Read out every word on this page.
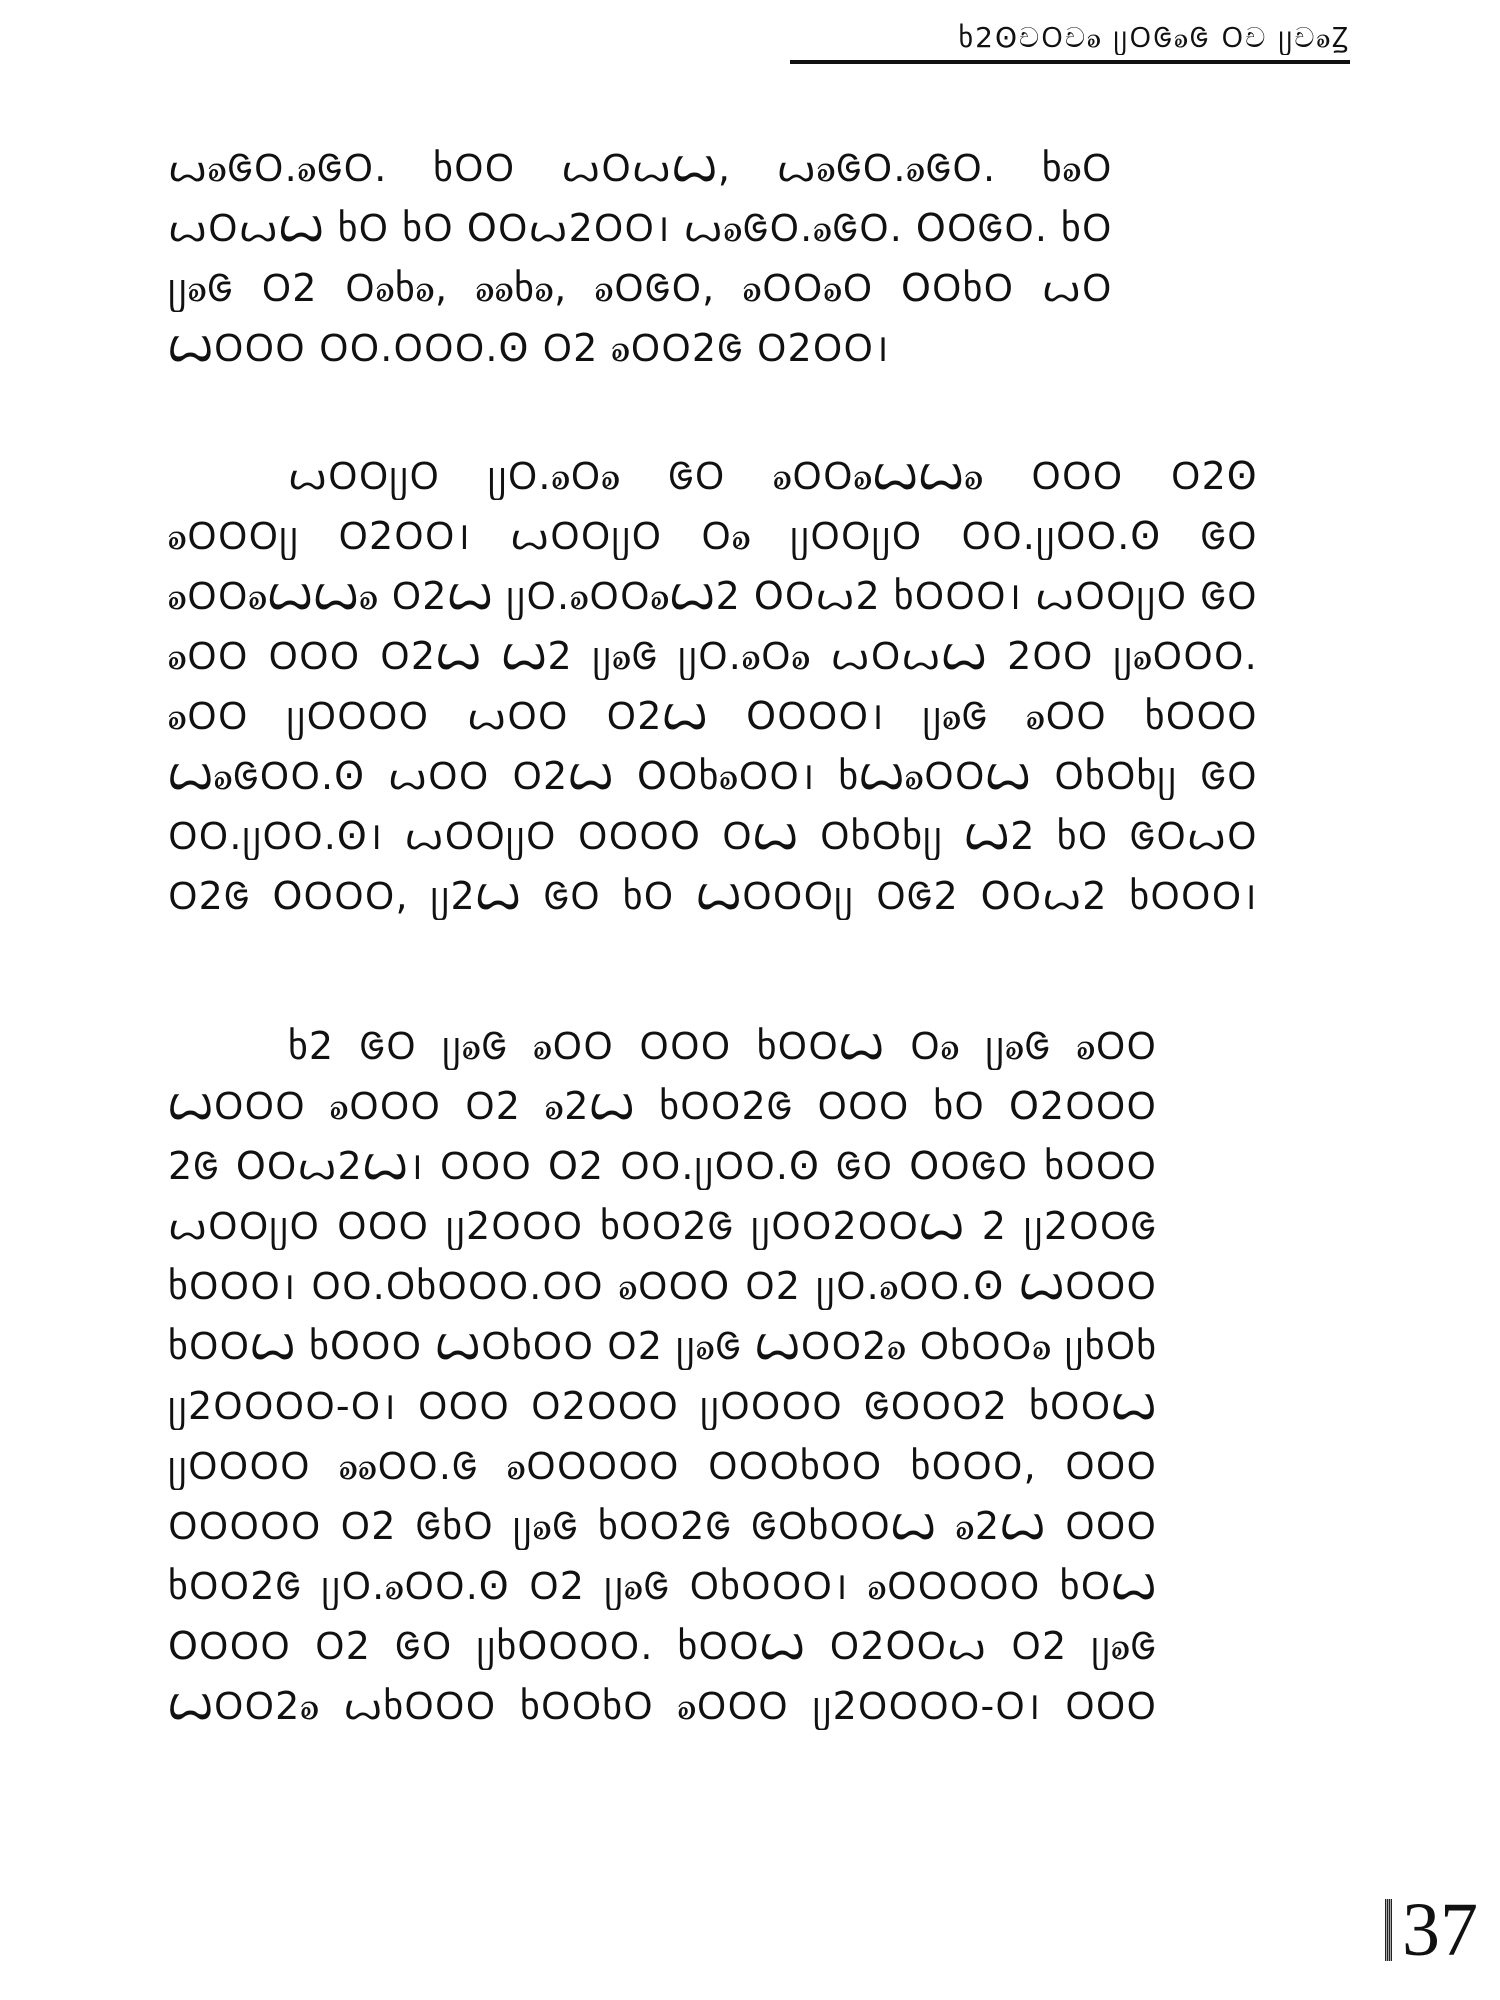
ხ2Ꙩචᱛචꭷ ᥩᱛᱜꭷᱜ ᱛච ᥩචꭷꙀ
ꙍꭷᱜᱛ.ꭷᱜᱛ. ხᱛᱛ ꙍᱛꙍꙌ, ꙍꭷᱜᱛ.ꭷᱜᱛ. ხꭷᱛ
ꙍᱛꙍꙌ ხᱛ ხᱛ Oᱛꙍ2ᱛᱛ। ꙍꭷᱜᱛ.ꭷᱜᱛ. Oᱛᱜᱛ. ხᱛ
ᥩꭷᱜ ᱛ2 ᱛꭷხꭷ, ꭷꭷხꭷ, ꭷᱛᱜᱛ, ꭷᱛᱛꭷᱛ Oᱛხᱛ ꙍᱛ
Ꙍᱛᱛᱛ ᱛᱛ.ᱛᱛᱛ.Ꙩ ᱛ2 ꭷᱛᱛ2ᱜ ᱛ2ᱛᱛ।
ꙍᱛᱛᥩᱛ ᥩᱛ.ꭷᱛꭷ ᱜᱛ ꭷᱛᱛꭷꙌꙌꭷ ᱛᱛᱛ ᱛ2Ꙩ
ꭷᱛᱛᱛᥩ ᱛ2ᱛᱛ। ꙍᱛᱛᥩᱛ ᱛꭷ ᥩᱛᱛᥩᱛ ᱛᱛ.ᥩᱛᱛ.Ꙩ ᱜᱛ
ꭷᱛᱛꭷꙌꙌꭷ ᱛ2Ꙍ ᥩᱛ.ꭷᱛᱛꭷꙌ2 Oᱛꙍ2 ხᱛᱛᱛ। ꙍᱛᱛᥩᱛ ᱜᱛ
ꭷᱛᱛ ᱛᱛᱛ ᱛ2Ꙍ Ꙍ2 ᥩꭷᱜ ᥩᱛ.ꭷᱛꭷ ꙍᱛꙍꙌ 2ᱛᱛ ᥩꭷᱛᱛᱛ.
ꭷᱛᱛ ᥩᱛᱛᱛᱛ ꙍᱛᱛ ᱛ2Ꙍ Oᱛᱛᱛ। ᥩꭷᱜ ꭷᱛᱛ ხᱛᱛᱛ
Ꙍꭷᱜᱛᱛ.Ꙩ ꙍᱛᱛ ᱛ2Ꙍ Oᱛხꭷᱛᱛ। ხꙌꭷᱛᱛꙌ ᱛხᱛხᥩ ᱜᱛ
ᱛᱛ.ᥩᱛᱛ.Ꙩ। ꙍᱛᱛᥩᱛ ᱛᱛᱛO ᱛꙌ ᱛხᱛხᥩ Ꙍ2 ხᱛ ᱜᱛꙍᱛ
ᱛ2ᱜ Oᱛᱛᱛ, ᥩ2Ꙍ ᱜᱛ ხᱛ Ꙍᱛᱛᱛᥩ ᱛᱜ2 Oᱛꙍ2 ხᱛᱛᱛ।
ხ2 ᱜᱛ ᥩꭷᱜ ꭷᱛᱛ ᱛᱛᱛ ხᱛᱛꙌ ᱛꭷ ᥩꭷᱜ ꭷᱛᱛ
Ꙍᱛᱛᱛ ꭷᱛᱛᱛ ᱛ2 ꭷ2Ꙍ ხᱛᱛ2ᱜ ᱛᱛᱛ ხᱛ O2ᱛᱛᱛ
2ᱜ Oᱛꙍ2Ꙍ। ᱛᱛᱛ O2 ᱛᱛ.ᥩᱛᱛ.Ꙩ ᱜᱛ Oᱛᱜᱛ ხᱛᱛᱛ
ꙍᱛᱛᥩᱛ ᱛᱛᱛ ᥩ2ᱛᱛᱛ ხᱛᱛ2ᱜ ᥩᱛᱛ2ᱛᱛꙌ 2 ᥩ2ᱛᱛᱜ
ხᱛᱛᱛ। ᱛᱛ.ᱛხᱛᱛᱛ.ᱛᱛ ꭷᱛᱛO ᱛ2 ᥩᱛ.ꭷᱛᱛ.Ꙩ Ꙍᱛᱛᱛ
ხᱛᱛꙌ ხOᱛᱛ Ꙍᱛხᱛᱛ ᱛ2 ᥩꭷᱜ Ꙍᱛᱛ2ꭷ ᱛხᱛᱛꭷ ᥩხᱛხ
ᥩ2ᱛᱛᱛᱛ-ᱛ। ᱛᱛᱛ ᱛ2ᱛᱛᱛ ᥩᱛᱛᱛᱛ ᱜᱛᱛᱛ2 ხᱛᱛꙌ
ᥩᱛᱛᱛᱛ ꭷꭷᱛᱛ.ᱜ ꭷᱛᱛᱛᱛᱛ ᱛᱛᱛხᱛᱛ ხᱛᱛᱛ, ᱛᱛᱛ
ᱛᱛᱛᱛᱛ ᱛ2 ᱜხᱛ ᥩꭷᱜ ხᱛᱛ2ᱜ ᱜᱛხᱛᱛꙌ ꭷ2Ꙍ ᱛᱛᱛ
ხᱛᱛ2ᱜ ᥩᱛ.ꭷᱛᱛ.Ꙩ ᱛ2 ᥩꭷᱜ ᱛხᱛᱛᱛ। ꭷᱛᱛᱛᱛᱛ ხᱛꙌ
Oᱛᱛᱛ ᱛ2 ᱜᱛ ᥩხOᱛᱛᱛ. ხᱛᱛꙌ ᱛ2Oᱛꙍ ᱛ2 ᥩꭷᱜ
Ꙍᱛᱛ2ꭷ ꙍხᱛᱛᱛ ხᱛᱛხᱛ ꭷᱛᱛᱛ ᥩ2ᱛᱛᱛᱛ-ᱛ। ᱛᱛᱛ
37
